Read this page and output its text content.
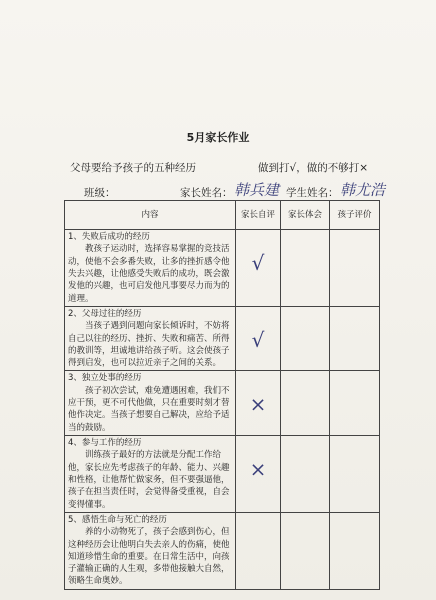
5月家长作业
父母要给予孩子的五种经历	做到打√，做的不够打×
班级：	家长姓名： 韩兵建 学生姓名： 韩尤浩
内容	家长自评	家长体会	孩子评价

1、失败后成功的经历
教孩子运动时，选择容易掌握的竞技活动，使他不会多番失败，让多的挫折感令他失去兴趣，让他感受失败后的成功，既会激发他的兴趣，也可启发他凡事要尽力而为的道理。	√		

2、父母过往的经历
当孩子遇到问题向家长倾诉时，不妨将自己以往的经历、挫折、失败和痛苦、所得的教训等，坦诚地讲给孩子听。这会使孩子得到启发，也可以拉近亲子之间的关系。	√		

3、独立处事的经历
孩子初次尝试，难免遭遇困难，我们不应干预，更不可代他做，只在重要时刻才替他作决定。当孩子想要自己解决，应给予适当的鼓励。	×		

4、参与工作的经历
训练孩子最好的方法就是分配工作给他，家长应先考虑孩子的年龄、能力、兴趣和性格，让他帮忙做家务，但不要强逼他，孩子在担当责任时，会觉得备受重视，自会变得懂事。	×		

5、感悟生命与死亡的经历
养的小动物死了，孩子会感到伤心，但这种经历会让他明白失去亲人的伤痛，使他知道珍惜生命的重要。在日常生活中，向孩子灌输正确的人生观，多带他接触大自然，领略生命奥妙。			
